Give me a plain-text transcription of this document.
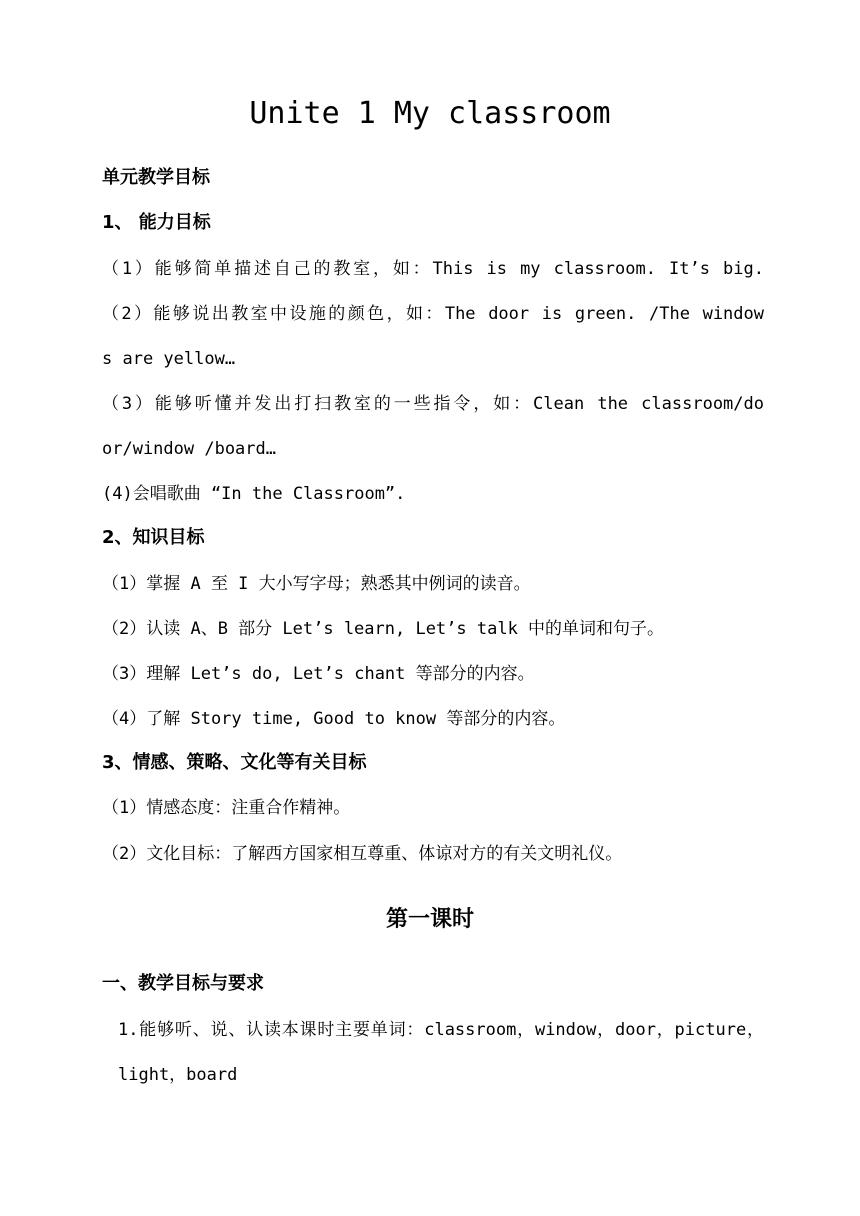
Unite 1 My classroom
单元教学目标
1、 能力目标
（1）能够简单描述自己的教室，如：This is my classroom. It’s big.
（2）能够说出教室中设施的颜色，如：The door is green. /The window
s are yellow…
（3）能够听懂并发出打扫教室的一些指令，如：Clean the classroom/do
or/window /board…
(4)会唱歌曲 “In the Classroom”.
2、知识目标
（1）掌握 A 至 I 大小写字母；熟悉其中例词的读音。
（2）认读 A、B 部分 Let’s learn, Let’s talk 中的单词和句子。
（3）理解 Let’s do, Let’s chant 等部分的内容。
（4）了解 Story time, Good to know 等部分的内容。
3、情感、策略、文化等有关目标
（1）情感态度：注重合作精神。
（2）文化目标：了解西方国家相互尊重、体谅对方的有关文明礼仪。
第一课时
一、教学目标与要求
1.能够听、说、认读本课时主要单词：classroom，window，door，picture，
light，board
